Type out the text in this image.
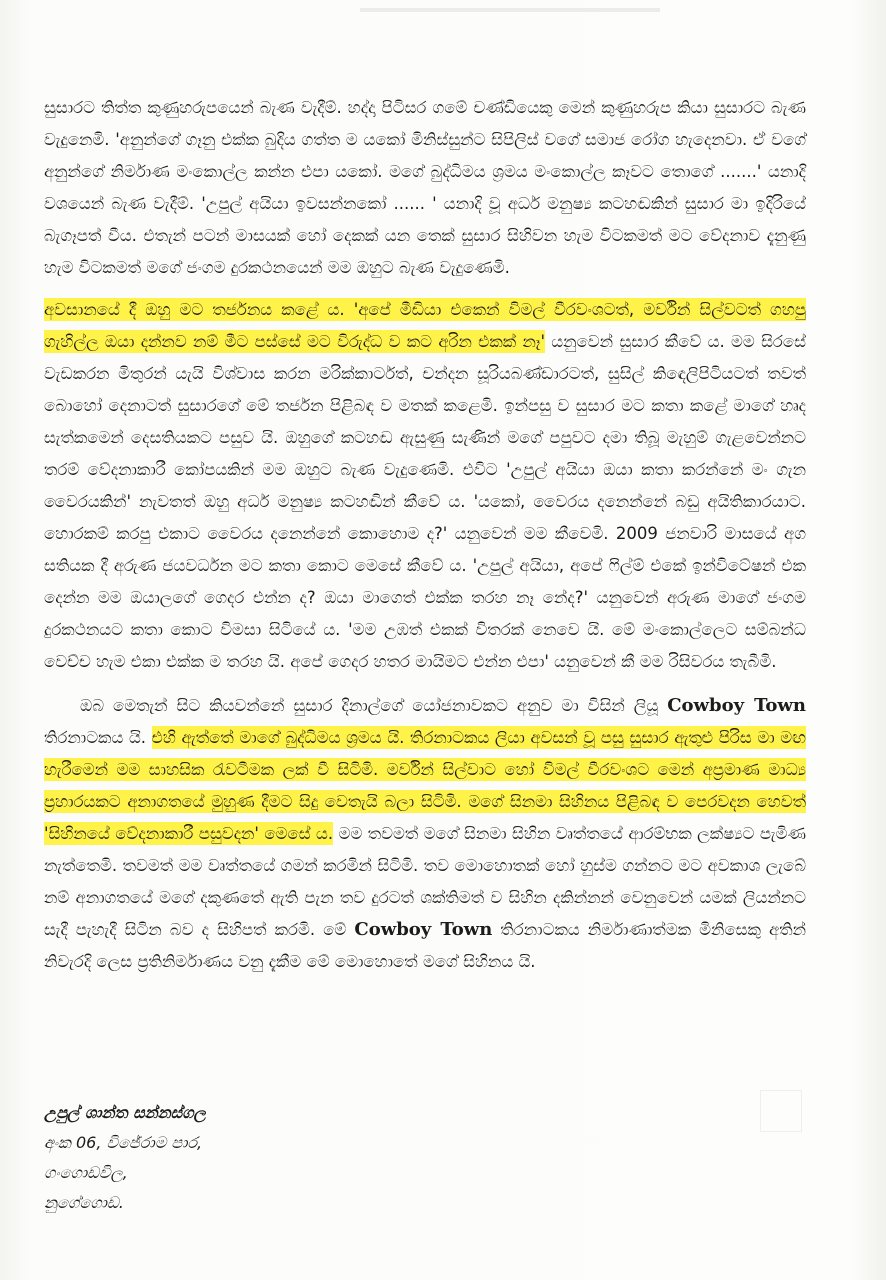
සුසාරට තිත්ත කුණුහරුපයෙන් බැණ වැදීම්. හද්දා පිටිසර ගමේ චණ්ඩියෙකු මෙන් කුණුහරුප කියා සුසාරට බැණ වැදුනෙමි. 'අනුන්ගේ ගෑනු එක්ක බුදිය ගත්ත ම යකෝ මිනිස්සුන්ට සිපිලිස් වගේ සමාජ රෝග හැදෙනවා. ඒ වගේ අනුන්ගේ නිර්මාණ මංකොල්ල කන්න එපා යකෝ. මගේ බුද්ධිමය ශ්‍රමය මංකොල්ල කෑවට තොගේ .......' යනාදි වශයෙන් බැණ වැදීම්. 'උපුල් අයියා ඉවසන්නකෝ ...... ' යනාදි වූ අර්ධ මනුෂ්‍ය කටහඬකින් සුසාර මා ඉදිරියේ බැගෑපත් වීය. එතැන් පටන් මාසයක් හෝ දෙකක් යන තෙක් සුසාර සිහිවන හැම විටකමත් මට වේදනාව දැනුණු හැම විටකමත් මගේ ජංගම දුරකථනයෙන් මම ඔහුට බැණ වැදුණෙමි.

අවසානයේ දී ඔහු මට තර්ජනය කළේ ය. 'අපේ මීඩියා එකෙන් විමල් වීරවංශටත්, මර්වින් සිල්වටත් ගහපු ගැහිල්ල ඔයා දන්නව නම් මීට පස්සේ මට විරුද්ධ ව කට අරින එකක් නෑ' යනුවෙන් සුසාර කීවේ ය. මම සිරසේ වැඩකරන මිතුරන් යැයි විශ්වාස කරන මරික්කාර්ටත්, චන්දන සූරියබණ්ඩාරටත්, සුසිල් කිඳෙලිපිටියටත් තවත් බොහෝ දෙනාටත් සුසාරගේ මේ තර්ජන පිළිබඳ ව මතක් කළෙමි. ඉන්පසු ව සුසාර මට කතා කළේ මාගේ හෘද සැත්කමෙන් දෙසතියකට පසුව යි. ඔහුගේ කටහඬ ඇසුණු සැණින් මගේ පපුවට දමා තිබූ මැහුම් ගැළවෙන්නට තරම් වේදනාකාරී කෝපයකින් මම ඔහුට බැණ වැදුණෙමි. එවිට 'උපුල් අයියා ඔයා කතා කරන්නේ මං ගැන වෛරයකින්' නැවතත් ඔහු අර්ධ මනුෂ්‍ය කටහඬින් කීවේ ය. 'යකෝ, වෛරය දනෙන්නේ බඩු අයිතිකාරයාට. හොරකම් කරපු එකාට වෛරය දනෙන්නේ කොහොම ද?' යනුවෙන් මම කීවෙමි. 2009 ජනවාරි මාසයේ අග සතියක දී අරුණ ජයවර්ධන මට කතා කොට මෙසේ කීවේ ය. 'උපුල් අයියා, අපේ ෆිල්ම් එකේ ඉන්විටේෂන් එක දෙන්න මම ඔයාලගේ ගෙදර එන්න ද? ඔයා මාගෙත් එක්ක තරහ නෑ නේද?' යනුවෙන් අරුණ මාගේ ජංගම දුරකථනයට කතා කොට විමසා සිටියේ ය. 'මම උඹත් එකක් විතරක් නෙවෙ යි. මේ මංකොල්ලෙට සම්බන්ධ වෙච්ච හැම එකා එක්ක ම තරහ යි. අපේ ගෙදර හතර මායිමට එන්න එපා' යනුවෙන් කී මම රිසිවරය තැබීමි.

ඔබ මෙතැන් සිට කියවන්නේ සුසාර දිනාල්ගේ යෝජනාවකට අනුව මා විසින් ලියූ Cowboy Town තිරනාටකය යි. එහි ඇත්තේ මාගේ බුද්ධිමය ශ්‍රමය යි. තිරනාටකය ලියා අවසන් වූ පසු සුසාර ඇතුළු පිරිස මා මඟ හැරීමෙන් මම සාහසික රැවටීමක ලක් වී සිටිමි. මර්වින් සිල්වාට හෝ විමල් වීරවංශට මෙන් අප්‍රමාණ මාධ්‍ය ප්‍රහාරයකට අනාගතයේ මුහුණ දීමට සිදු වෙතැයි බලා සිටිමි. මගේ සිනමා සිහිනය පිළිබඳ ව පෙරවදන හෙවත් 'සිහිනයේ වේදනාකාරී පසුවදන' මෙසේ ය. මම තවමත් මගේ සිනමා සිහින වෘත්තයේ ආරම්භක ලක්ෂ්‍යට පැමිණ නැත්තෙමි. තවමත් මම වෘත්තයේ ගමන් කරමින් සිටිමි. තව මොහොතක් හෝ හුස්ම ගන්නට මට අවකාශ ලැබේ නම් අනාගතයේ මගේ දකුණතේ ඇති පැන තව දුරටත් ශක්තිමත් ව සිහින දකින්නන් වෙනුවෙන් යමක් ලියන්නට සැදී පැහැදී සිටින බව ද සිහිපත් කරමි. මේ Cowboy Town තිරනාටකය නිර්මාණාත්මක මිනිසෙකු අතින් නිවැරදි ලෙස ප්‍රතිනිර්මාණය වනු දැකීම මේ මොහොතේ මගේ සිහිනය යි.

උපුල් ශාන්ත සන්නස්ගල
අංක 06, විජේරාම පාර,
ගංගොඩවිල,
නුගේගොඩ.
